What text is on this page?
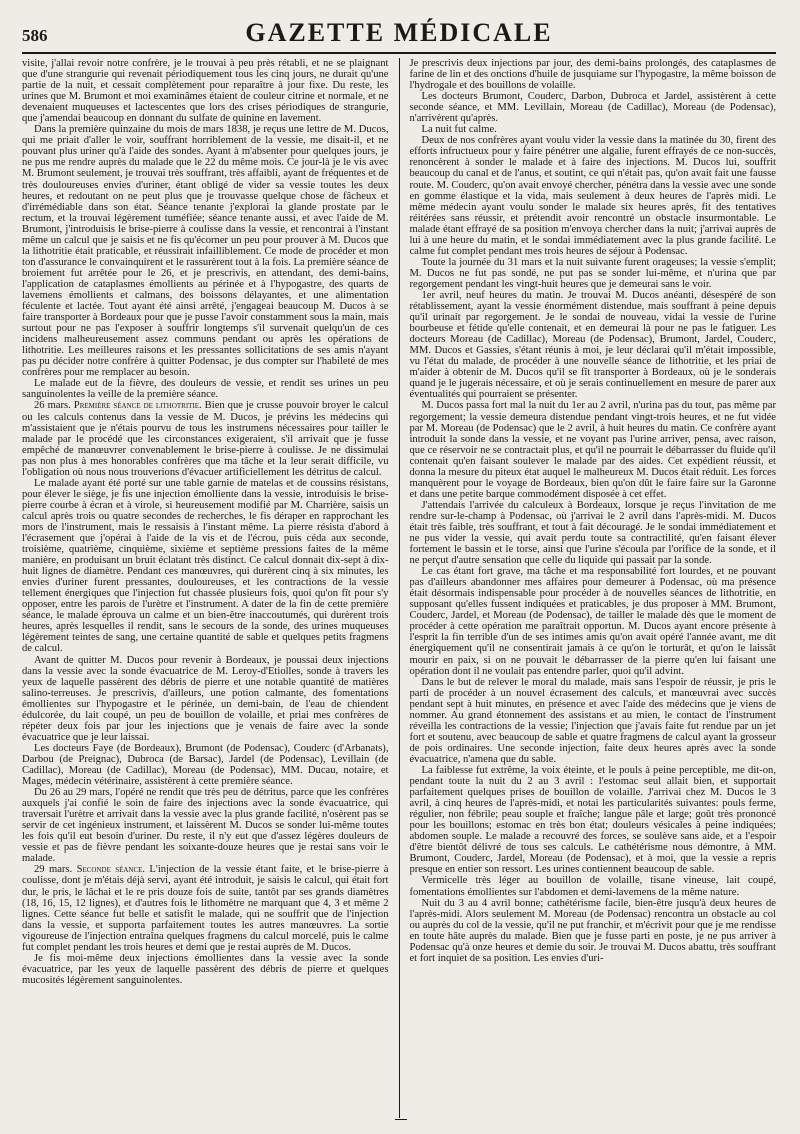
586	GAZETTE MÉDICALE

visite, j'allai revoir notre confrère, je le trouvai à peu près rétabli, et ne se plaignant que d'une strangurie qui revenait périodiquement tous les cinq jours, ne durait qu'une partie de la nuit, et cessait complètement pour reparaître à jour fixe. Du reste, les urines que M. Brumont et moi examinâmes étaient de couleur citrine et normale, et ne devenaient muqueuses et lactescentes que lors des crises périodiques de strangurie, que j'amendai beaucoup en donnant du sulfate de quinine en lavement.

Dans la première quinzaine du mois de mars 1838, je reçus une lettre de M. Ducos, qui me priait d'aller le voir, souffrant horriblement de la vessie, me disait-il, et ne pouvant plus uriner qu'à l'aide des sondes. Ayant à m'absenter pour quelques jours, je ne pus me rendre auprès du malade que le 22 du même mois. Ce jour-là je le vis avec M. Brumont seulement, je trouvai très souffrant, très affaibli, ayant de fréquentes et de très douloureuses envies d'uriner, étant obligé de vider sa vessie toutes les deux heures, et redoutant on ne peut plus que je trouvasse quelque chose de fâcheux et d'irrémédiable dans son état. Séance tenante j'explorai la glande prostate par le rectum, et la trouvai légèrement tuméfiée; séance tenante aussi, et avec l'aide de M. Brumont, j'introduisis le brise-pierre à coulisse dans la vessie, et rencontrai à l'instant même un calcul que je saisis et ne fis qu'écorner un peu pour prouver à M. Ducos que la lithotritie était praticable, et réussirait infailliblement. Ce mode de procéder et mon ton d'assurance le convainquirent et le rassurèrent tout à la fois. La première séance de broiement fut arrêtée pour le 26, et je prescrivis, en attendant, des demi-bains, l'application de cataplasmes émollients au périnée et à l'hypogastre, des quarts de lavemens émollients et calmans, des boissons délayantes, et une alimentation féculente et lactée. Tout ayant été ainsi arrêté, j'engageai beaucoup M. Ducos à se faire transporter à Bordeaux pour que je pusse l'avoir constamment sous la main, mais surtout pour ne pas l'exposer à souffrir longtemps s'il survenait quelqu'un de ces incidens malheureusement assez communs pendant ou après les opérations de lithotritie. Les meilleures raisons et les pressantes sollicitations de ses amis n'ayant pas pu décider notre confrère à quitter Podensac, je dus compter sur l'habileté de mes confrères pour me remplacer au besoin.

Le malade eut de la fièvre, des douleurs de vessie, et rendit ses urines un peu sanguinolentes la veille de la première séance.

26 mars. Première séance de lithotritie. Bien que je crusse pouvoir broyer le calcul ou les calculs contenus dans la vessie de M. Ducos, je prévins les médecins qui m'assistaient que je n'étais pourvu de tous les instrumens nécessaires pour tailler le malade par le procédé que les circonstances exigeraient, s'il arrivait que je fusse empêché de manœuvrer convenablement le brise-pierre à coulisse. Je ne dissimulai pas non plus à mes honorables confrères que ma tâche et la leur serait difficile, vu l'obligation où nous nous trouverions d'évacuer artificiellement les détritus de calcul.

Le malade ayant été porté sur une table garnie de matelas et de coussins résistans, pour élever le siège, je fis une injection émolliente dans la vessie, introduisis le brise-pierre courbe à écran et à virole, si heureusement modifié par M. Charrière, saisis un calcul après trois ou quatre secondes de recherches, le fis déraper en rapprochant les mors de l'instrument, mais le ressaisis à l'instant même. La pierre résista d'abord à l'écrasement que j'opérai à l'aide de la vis et de l'écrou, puis céda aux seconde, troisième, quatrième, cinquième, sixième et septième pressions faites de la même manière, en produisant un bruit éclatant très distinct. Ce calcul donnait dix-sept à dix-huit lignes de diamètre. Pendant ces manœuvres, qui durèrent cinq à six minutes, les envies d'uriner furent pressantes, douloureuses, et les contractions de la vessie tellement énergiques que l'injection fut chassée plusieurs fois, quoi qu'on fît pour s'y opposer, entre les parois de l'urètre et l'instrument. A dater de la fin de cette première séance, le malade éprouva un calme et un bien-être inaccoutumés, qui durèrent trois heures, après lesquelles il rendit, sans le secours de la sonde, des urines muqueuses légèrement teintes de sang, une certaine quantité de sable et quelques petits fragmens de calcul.

Avant de quitter M. Ducos pour revenir à Bordeaux, je poussai deux injections dans la vessie avec la sonde évacuatrice de M. Leroy-d'Etiolles, sonde à travers les yeux de laquelle passèrent des débris de pierre et une notable quantité de matières salino-terreuses. Je prescrivis, d'ailleurs, une potion calmante, des fomentations émollientes sur l'hypogastre et le périnée, un demi-bain, de l'eau de chiendent édulcorée, du lait coupé, un peu de bouillon de volaille, et priai mes confrères de répéter deux fois par jour les injections que je venais de faire avec la sonde évacuatrice que je leur laissai.

Les docteurs Faye (de Bordeaux), Brumont (de Podensac), Couderc (d'Arbanats), Darbou (de Preignac), Dubroca (de Barsac), Jardel (de Podensac), Levillain (de Cadillac), Moreau (de Cadillac), Moreau (de Podensac), MM. Ducau, notaire, et Mages, médecin vétérinaire, assistèrent à cette première séance.

Du 26 au 29 mars, l'opéré ne rendit que très peu de détritus, parce que les confrères auxquels j'ai confié le soin de faire des injections avec la sonde évacuatrice, qui traversait l'urètre et arrivait dans la vessie avec la plus grande facilité, n'osèrent pas se servir de cet ingénieux instrument, et laissèrent M. Ducos se sonder lui-même toutes les fois qu'il eut besoin d'uriner. Du reste, il n'y eut que d'assez légères douleurs de vessie et pas de fièvre pendant les soixante-douze heures que je restai sans voir le malade.

29 mars. Seconde séance. L'injection de la vessie étant faite, et le brise-pierre à coulisse, dont je m'étais déjà servi, ayant été introduit, je saisis le calcul, qui était fort dur, le pris, le lâchai et le re pris douze fois de suite, tantôt par ses grands diamètres (18, 16, 15, 12 lignes), et d'autres fois le lithomètre ne marquant que 4, 3 et même 2 lignes. Cette séance fut belle et satisfit le malade, qui ne souffrit que de l'injection dans la vessie, et supporta parfaitement toutes les autres manœuvres. La sortie vigoureuse de l'injection entraîna quelques fragmens du calcul morcelé, puis le calme fut complet pendant les trois heures et demi que je restai auprès de M. Ducos.

Je fis moi-même deux injections émollientes dans la vessie avec la sonde évacuatrice, par les yeux de laquelle passèrent des débris de pierre et quelques mucosités légèrement sanguinolentes.

Je prescrivis deux injections par jour, des demi-bains prolongés, des cataplasmes de farine de lin et des onctions d'huile de jusquiame sur l'hypogastre, la même boisson de l'hydrogale et des bouillons de volaille.

Les docteurs Brumont, Couderc, Darbon, Dubroca et Jardel, assistèrent à cette seconde séance, et MM. Levillain, Moreau (de Cadillac), Moreau (de Podensac), n'arrivèrent qu'après.

La nuit fut calme.

Deux de nos confrères ayant voulu vider la vessie dans la matinée du 30, firent des efforts infructueux pour y faire pénétrer une algalie, furent effrayés de ce non-succès, renoncèrent à sonder le malade et à faire des injections. M. Ducos lui, souffrit beaucoup du canal et de l'anus, et soutint, ce qui n'était pas, qu'on avait fait une fausse route. M. Couderc, qu'on avait envoyé chercher, pénétra dans la vessie avec une sonde en gomme élastique et la vida, mais seulement à deux heures de l'après midi. Le même médecin ayant voulu sonder le malade six heures après, fit des tentatives réitérées sans réussir, et prétendit avoir rencontré un obstacle insurmontable. Le malade étant effrayé de sa position m'envoya chercher dans la nuit; j'arrivai auprès de lui à une heure du matin, et le sondai immédiatement avec la plus grande facilité. Le calme fut complet pendant mes trois heures de séjour à Podensac.

Toute la journée du 31 mars et la nuit suivante furent orageuses; la vessie s'emplit; M. Ducos ne fut pas sondé, ne put pas se sonder lui-même, et n'urina que par regorgement pendant les vingt-huit heures que je demeurai sans le voir.

1er avril, neuf heures du matin. Je trouvai M. Ducos anéanti, désespéré de son rétablissement, ayant la vessie énormément distendue, mais souffrant à peine depuis qu'il urinait par regorgement. Je le sondai de nouveau, vidai la vessie de l'urine bourbeuse et fétide qu'elle contenait, et en demeurai là pour ne pas le fatiguer. Les docteurs Moreau (de Cadillac), Moreau (de Podensac), Brumont, Jardel, Couderc, MM. Ducos et Gassies, s'étant réunis à moi, je leur déclarai qu'il m'était impossible, vu l'état du malade, de procéder à une nouvelle séance de lithotritie, et les priai de m'aider à obtenir de M. Ducos qu'il se fît transporter à Bordeaux, où je le sonderais quand je le jugerais nécessaire, et où je serais continuellement en mesure de parer aux éventualités qui pourraient se présenter.

M. Ducos passa fort mal la nuit du 1er au 2 avril, n'urina pas du tout, pas même par regorgement; la vessie demeura distendue pendant vingt-trois heures, et ne fut vidée par M. Moreau (de Podensac) que le 2 avril, à huit heures du matin. Ce confrère ayant introduit la sonde dans la vessie, et ne voyant pas l'urine arriver, pensa, avec raison, que ce réservoir ne se contractait plus, et qu'il ne pourrait le débarrasser du fluide qu'il contenait qu'en faisant soulever le malade par des aides. Cet expédient réussit, et donna la mesure du piteux état auquel le malheureux M. Ducos était réduit. Les forces manquèrent pour le voyage de Bordeaux, bien qu'on dût le faire faire sur la Garonne et dans une petite barque commodément disposée à cet effet.

J'attendais l'arrivée du calculeux à Bordeaux, lorsque je reçus l'invitation de me rendre sur-le-champ à Podensac, où j'arrivai le 2 avril dans l'après-midi. M. Ducos était très faible, très souffrant, et tout à fait découragé. Je le sondai immédiatement et ne pus vider la vessie, qui avait perdu toute sa contractilité, qu'en faisant élever fortement le bassin et le torse, ainsi que l'urine s'écoula par l'orifice de la sonde, et il ne perçut d'autre sensation que celle du liquide qui passait par la sonde.

Le cas étant fort grave, ma tâche et ma responsabilité fort lourdes, et ne pouvant pas d'ailleurs abandonner mes affaires pour demeurer à Podensac, où ma présence était désormais indispensable pour procéder à de nouvelles séances de lithotritie, en supposant qu'elles fussent indiquées et praticables, je dus proposer à MM. Brumont, Couderc, Jardel, et Moreau (de Podensac), de tailler le malade dès que le moment de procéder à cette opération me paraîtrait opportun. M. Ducos ayant encore présente à l'esprit la fin terrible d'un de ses intimes amis qu'on avait opéré l'année avant, me dit énergiquement qu'il ne consentirait jamais à ce qu'on le torturât, et qu'on le laissât mourir en paix, si on ne pouvait le débarrasser de la pierre qu'en lui faisant une opération dont il ne voulait pas entendre parler, quoi qu'il advint.

Dans le but de relever le moral du malade, mais sans l'espoir de réussir, je pris le parti de procéder à un nouvel écrasement des calculs, et manœuvrai avec succès pendant sept à huit minutes, en présence et avec l'aide des médecins que je viens de nommer. Au grand étonnement des assistans et au mien, le contact de l'instrument réveilla les contractions de la vessie; l'injection que j'avais faite fut rendue par un jet fort et soutenu, avec beaucoup de sable et quatre fragmens de calcul ayant la grosseur de pois ordinaires. Une seconde injection, faite deux heures après avec la sonde évacuatrice, n'amena que du sable.

La faiblesse fut extrême, la voix éteinte, et le pouls à peine perceptible, me dit-on, pendant toute la nuit du 2 au 3 avril : l'estomac seul allait bien, et supportait parfaitement quelques prises de bouillon de volaille. J'arrivai chez M. Ducos le 3 avril, à cinq heures de l'après-midi, et notai les particularités suivantes: pouls ferme, régulier, non fébrile; peau souple et fraîche; langue pâle et large; goût très prononcé pour les bouillons; estomac en très bon état; douleurs vésicales à peine indiquées; abdomen souple. Le malade a recouvré des forces, se soulève sans aide, et a l'espoir d'être bientôt délivré de tous ses calculs. Le cathétérisme nous démontre, à MM. Brumont, Couderc, Jardel, Moreau (de Podensac), et à moi, que la vessie a repris presque en entier son ressort. Les urines contiennent beaucoup de sable.

Vermicelle très léger au bouillon de volaille, tisane vineuse, lait coupé, fomentations émollientes sur l'abdomen et demi-lavemens de la même nature.

Nuit du 3 au 4 avril bonne; cathétérisme facile, bien-être jusqu'à deux heures de l'après-midi. Alors seulement M. Moreau (de Podensac) rencontra un obstacle au col ou auprès du col de la vessie, qu'il ne put franchir, et m'écrivit pour que je me rendisse en toute hâte auprès du malade. Bien que je fusse parti en poste, je ne pus arriver à Podensac qu'à onze heures et demie du soir. Je trouvai M. Ducos abattu, très souffrant et fort inquiet de sa position. Les envies d'uri-
